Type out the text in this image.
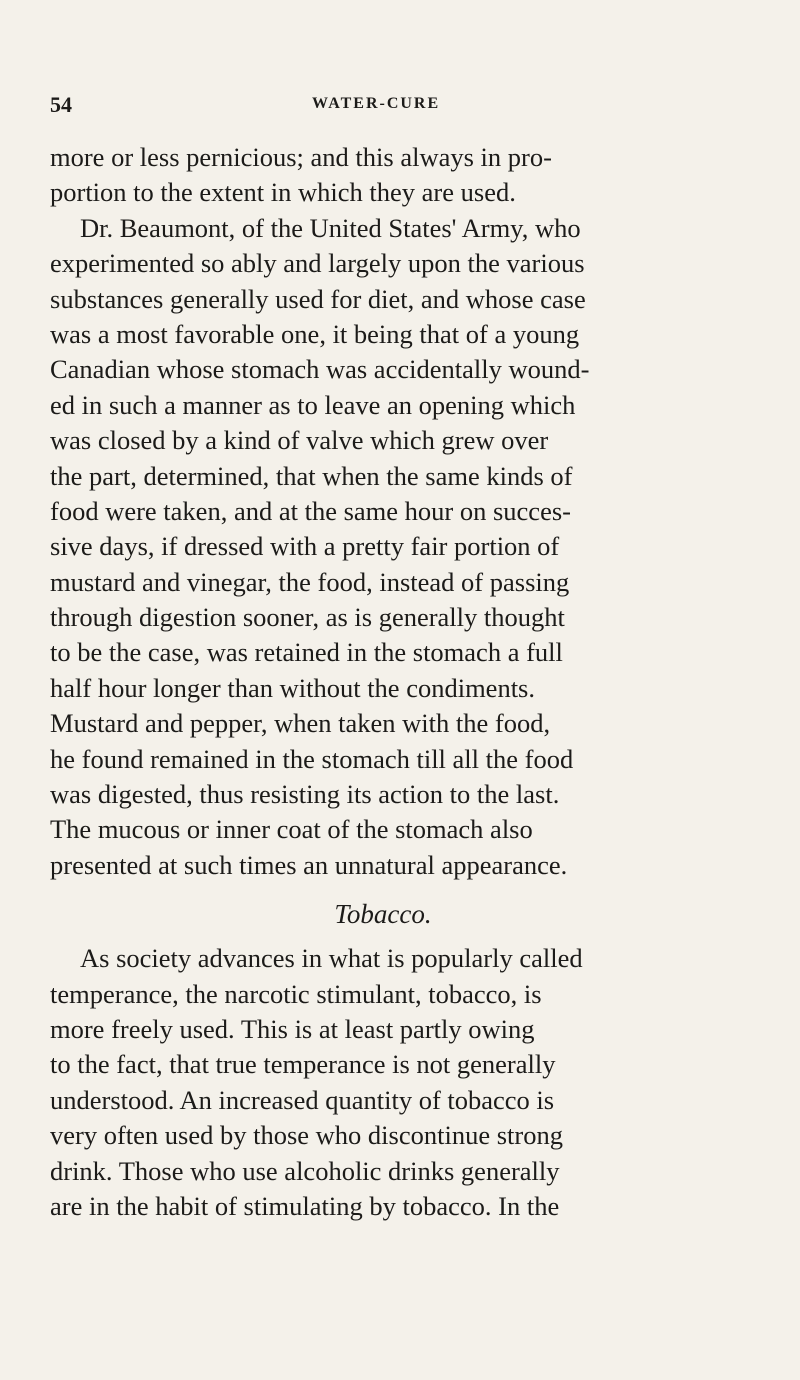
54	WATER-CURE
more or less pernicious; and this always in pro-
portion to the extent in which they are used.
Dr. Beaumont, of the United States' Army, who
experimented so ably and largely upon the various
substances generally used for diet, and whose case
was a most favorable one, it being that of a young
Canadian whose stomach was accidentally wound-
ed in such a manner as to leave an opening which
was closed by a kind of valve which grew over
the part, determined, that when the same kinds of
food were taken, and at the same hour on succes-
sive days, if dressed with a pretty fair portion of
mustard and vinegar, the food, instead of passing
through digestion sooner, as is generally thought
to be the case, was retained in the stomach a full
half hour longer than without the condiments.
Mustard and pepper, when taken with the food,
he found remained in the stomach till all the food
was digested, thus resisting its action to the last.
The mucous or inner coat of the stomach also
presented at such times an unnatural appearance.
Tobacco.
As society advances in what is popularly called
temperance, the narcotic stimulant, tobacco, is
more freely used. This is at least partly owing
to the fact, that true temperance is not generally
understood. An increased quantity of tobacco is
very often used by those who discontinue strong
drink. Those who use alcoholic drinks generally
are in the habit of stimulating by tobacco. In the
